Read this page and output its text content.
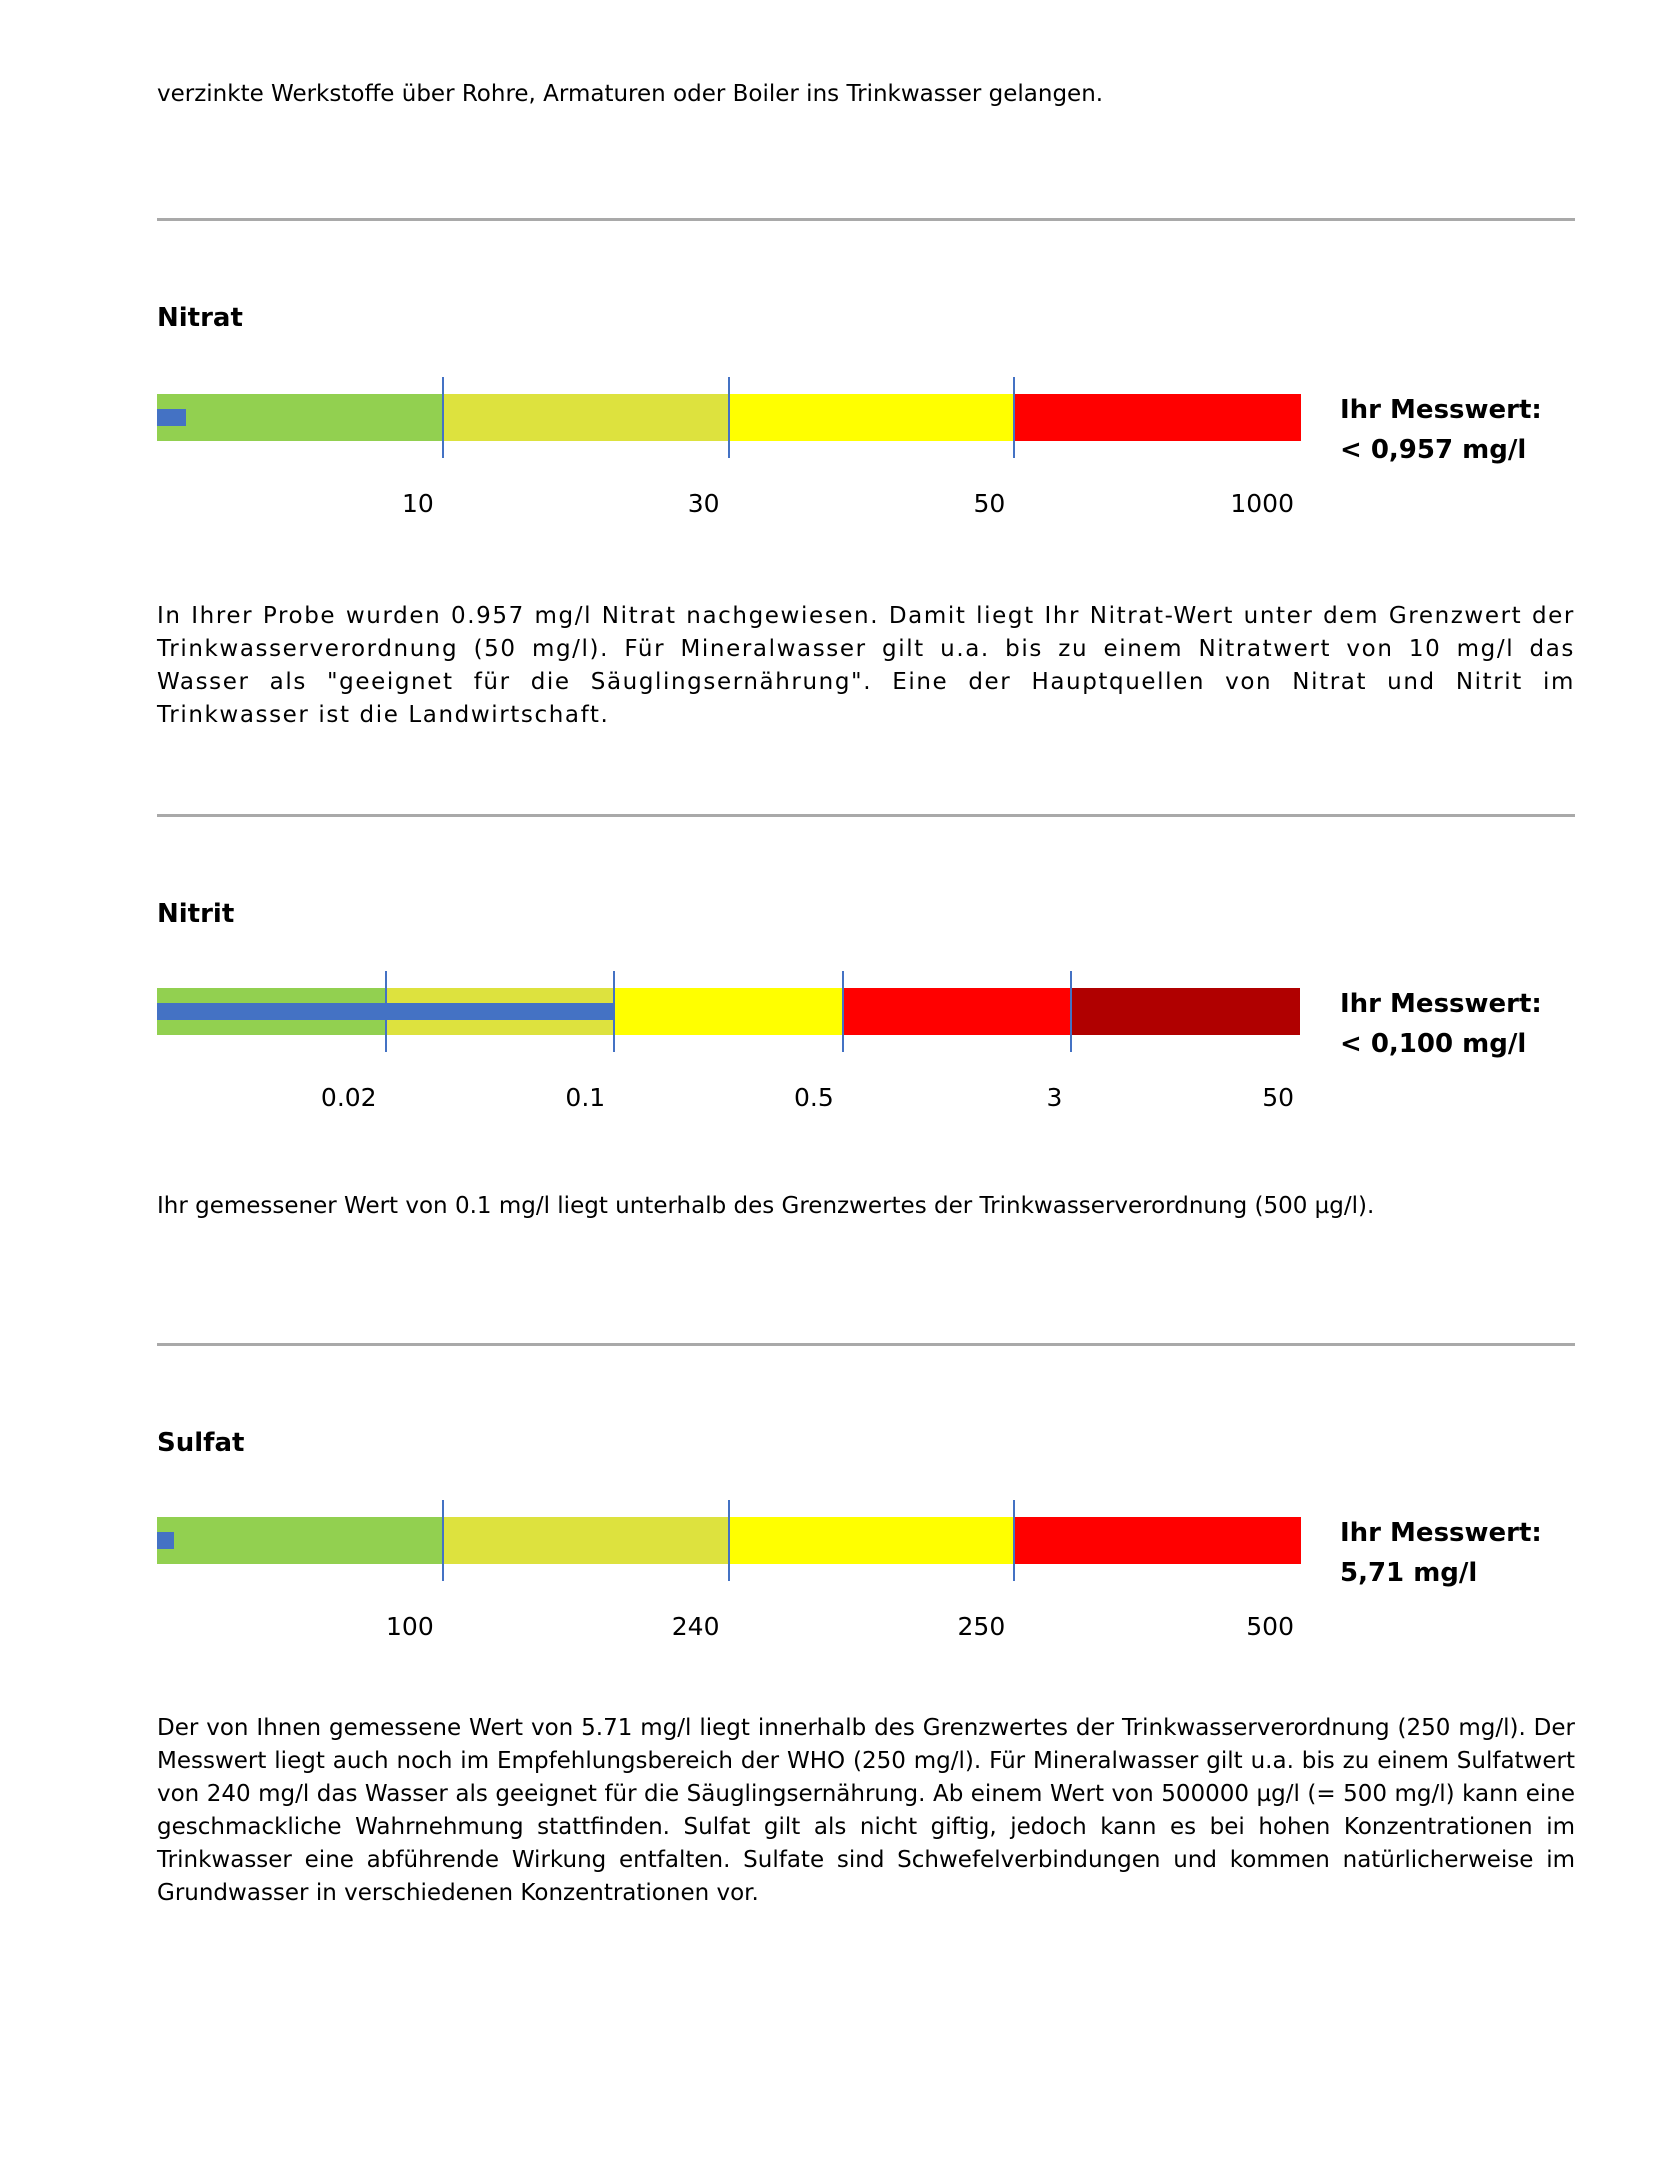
verzinkte Werkstoffe über Rohre, Armaturen oder Boiler ins Trinkwasser gelangen.
Nitrat
10	30	50	1000
Ihr Messwert:
< 0,957 mg/l
In Ihrer Probe wurden 0.957 mg/l Nitrat nachgewiesen. Damit liegt Ihr Nitrat-Wert unter dem Grenzwert der Trinkwasserverordnung (50 mg/l). Für Mineralwasser gilt u.a. bis zu einem Nitratwert von 10 mg/l das Wasser als "geeignet für die Säuglingsernährung". Eine der Hauptquellen von Nitrat und Nitrit im Trinkwasser ist die Landwirtschaft.
Nitrit
0.02	0.1	0.5	3	50
Ihr Messwert:
< 0,100 mg/l
Ihr gemessener Wert von 0.1 mg/l liegt unterhalb des Grenzwertes der Trinkwasserverordnung (500 µg/l).
Sulfat
100	240	250	500
Ihr Messwert:
5,71 mg/l
Der von Ihnen gemessene Wert von 5.71 mg/l liegt innerhalb des Grenzwertes der Trinkwasserverordnung (250 mg/l). Der Messwert liegt auch noch im Empfehlungsbereich der WHO (250 mg/l). Für Mineralwasser gilt u.a. bis zu einem Sulfatwert von 240 mg/l das Wasser als geeignet für die Säuglingsernährung. Ab einem Wert von 500000 µg/l (= 500 mg/l) kann eine geschmackliche Wahrnehmung stattfinden. Sulfat gilt als nicht giftig, jedoch kann es bei hohen Konzentrationen im Trinkwasser eine abführende Wirkung entfalten. Sulfate sind Schwefelverbindungen und kommen natürlicherweise im Grundwasser in verschiedenen Konzentrationen vor.
